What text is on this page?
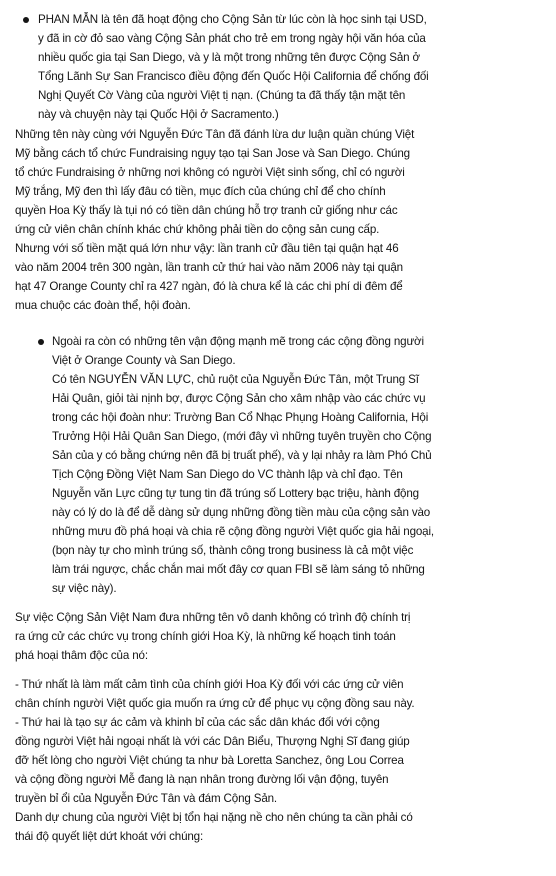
PHAN MẪN là tên đã hoạt động cho Cộng Sản từ lúc còn là học sinh tại USD,
y đã in cờ đỏ sao vàng Cộng Sản phát cho trẻ em trong ngày hội văn hóa của
nhiều quốc gia tại San Diego, và y là một trong những tên được Cộng Sản ở
Tổng Lãnh Sự San Francisco điều động đến Quốc Hội California để chống đối
Nghị Quyết Cờ Vàng của người Việt tị nạn. (Chúng ta đã thấy tận mặt tên
này và chuyện này tại Quốc Hội ở Sacramento.)
Những tên này cùng với Nguyễn Đức Tân đã đánh lừa dư luận quần chúng Việt
Mỹ bằng cách tổ chức Fundraising ngụy tạo tại San Jose và San Diego. Chúng
tổ chức Fundraising ở những nơi không có người Việt sinh sống, chỉ có người
Mỹ trắng, Mỹ đen thì lấy đâu có tiền, mục đích của chúng chỉ để cho chính
quyền Hoa Kỳ thấy là tụi nó có tiền dân chúng hỗ trợ tranh cử giống như các
ứng cử viên chân chính khác chứ không phải tiền do cộng sản cung cấp.
Nhưng với số tiền mặt quá lớn như vậy: lần tranh cử đầu tiên tại quận hạt 46
vào năm 2004 trên 300 ngàn, lần tranh cử thứ hai vào năm 2006 này tại quận
hạt 47 Orange County chỉ ra 427 ngàn, đó là chưa kể là các chi phí di đêm để
mua chuộc các đoàn thể, hội đoàn.
Ngoài ra còn có những tên vận động mạnh mẽ trong các cộng đồng người
Việt ở Orange County và San Diego.
Có tên NGUYỄN VĂN LỰC, chủ ruột của Nguyễn Đức Tân, một Trung Sĩ
Hải Quân, giỏi tài nịnh bợ, được Cộng Sản cho xâm nhập vào các chức vụ
trong các hội đoàn như: Trường Ban Cổ Nhạc Phụng Hoàng California, Hội
Trưởng Hội Hải Quân San Diego, (mới đây vì những tuyên truyền cho Cộng
Sản của y có bằng chứng nên đã bị truất phế), và y lại nhảy ra làm Phó Chủ
Tịch Cộng Đồng Việt Nam San Diego do VC thành lập và chỉ đạo. Tên
Nguyễn văn Lực cũng tự tung tin đã trúng số Lottery bạc triệu, hành động
này có lý do là để dễ dàng sử dụng những đồng tiền màu của cộng sản vào
những mưu đồ phá hoại và chia rẽ cộng đồng người Việt quốc gia hải ngoại,
(bọn này tự cho mình trúng số, thành công trong business là cả một việc
làm trái ngược, chắc chắn mai mốt đây cơ quan FBI sẽ làm sáng tỏ những
sự việc này).
Sự việc Cộng Sản Việt Nam đưa những tên vô danh không có trình độ chính trị
ra ứng cử các chức vụ trong chính giới Hoa Kỳ, là những kế hoạch tinh toán
phá hoại thâm độc của nó:
- Thứ nhất là làm mất cảm tình của chính giới Hoa Kỳ đối với các ứng cử viên
chân chính người Việt quốc gia muốn ra ứng cử để phục vụ cộng đồng sau này.
- Thứ hai là tạo sự ác cảm và khinh bỉ của các sắc dân khác đối với cộng
đồng người Việt hải ngoại nhất là với các Dân Biểu, Thượng Nghị Sĩ đang giúp
đỡ hết lòng cho người Việt chúng ta như bà Loretta Sanchez, ông Lou Correa
và cộng đồng người Mễ đang là nạn nhân trong đường lối vận động, tuyên
truyền bỉ ổi của Nguyễn Đức Tân và đám Cộng Sản.
Danh dự chung của người Việt bị tổn hại nặng nề cho nên chúng ta cần phải có
thái độ quyết liệt dứt khoát với chúng:
